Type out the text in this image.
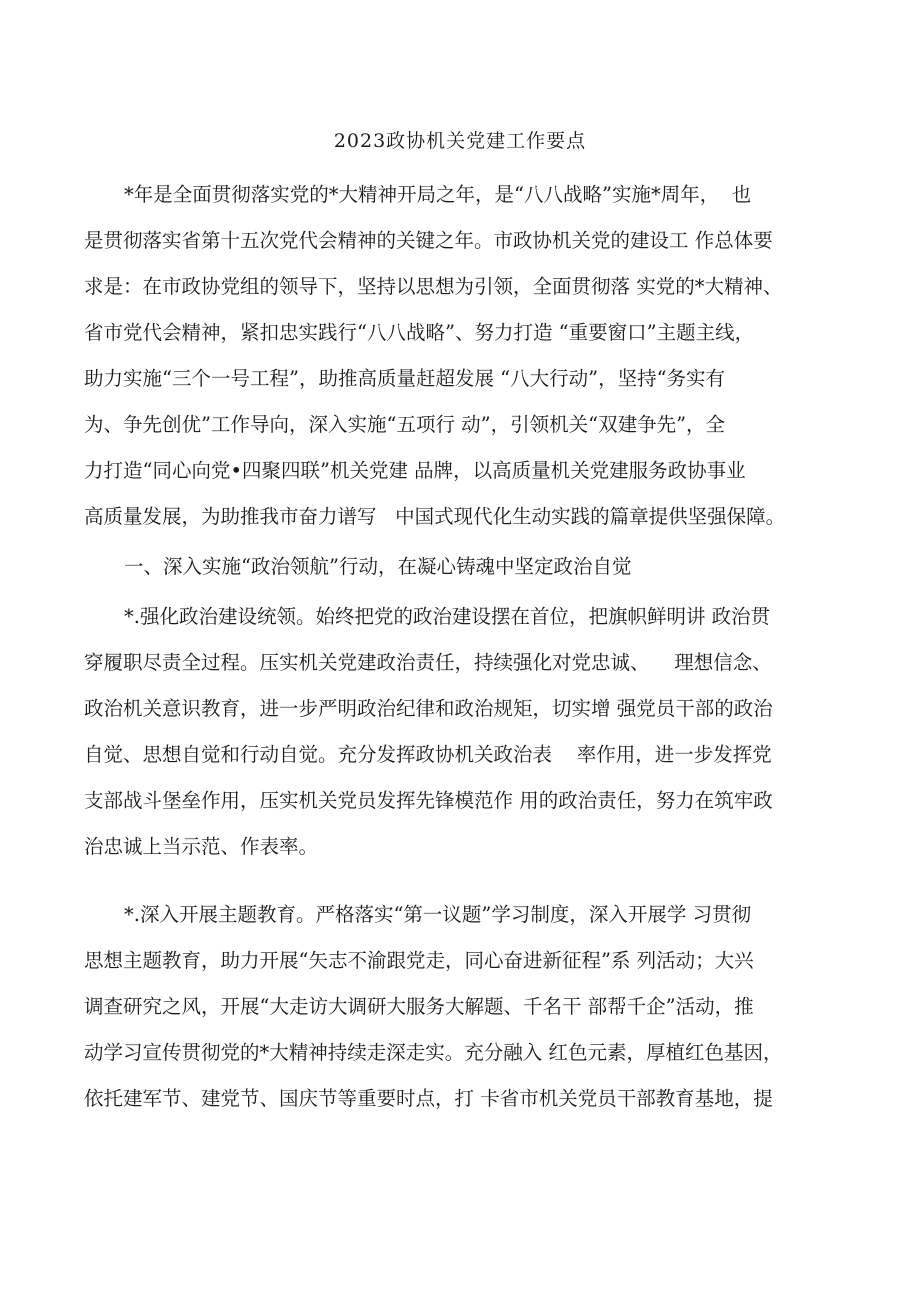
2023政协机关党建工作要点
*年是全面贯彻落实党的*大精神开局之年，是“八八战略”实施*周年，  也
是贯彻落实省第十五次党代会精神的关键之年。市政协机关党的建设工 作总体要
求是：在市政协党组的领导下，坚持以思想为引领，全面贯彻落 实党的*大精神、
省市党代会精神，紧扣忠实践行“八八战略”、努力打造 “重要窗口”主题主线，
助力实施“三个一号工程”，助推高质量赶超发展 “八大行动”，坚持“务实有
为、争先创优”工作导向，深入实施“五项行 动”，引领机关“双建争先”，全
力打造“同心向党•四聚四联”机关党建 品牌，以高质量机关党建服务政协事业
高质量发展，为助推我市奋力谱写   中国式现代化生动实践的篇章提供坚强保障。
一、深入实施“政治领航”行动，在凝心铸魂中坚定政治自觉
*.强化政治建设统领。始终把党的政治建设摆在首位，把旗帜鲜明讲 政治贯
穿履职尽责全过程。压实机关党建政治责任，持续强化对党忠诚、    理想信念、
政治机关意识教育，进一步严明政治纪律和政治规矩，切实增 强党员干部的政治
自觉、思想自觉和行动自觉。充分发挥政协机关政治表    率作用，进一步发挥党
支部战斗堡垒作用，压实机关党员发挥先锋模范作 用的政治责任，努力在筑牢政
治忠诚上当示范、作表率。
*.深入开展主题教育。严格落实“第一议题”学习制度，深入开展学 习贯彻
思想主题教育，助力开展“矢志不渝跟党走，同心奋进新征程”系 列活动；大兴
调查研究之风，开展“大走访大调研大服务大解题、千名干 部帮千企”活动，推
动学习宣传贯彻党的*大精神持续走深走实。充分融入 红色元素，厚植红色基因，
依托建军节、建党节、国庆节等重要时点，打 卡省市机关党员干部教育基地，提
